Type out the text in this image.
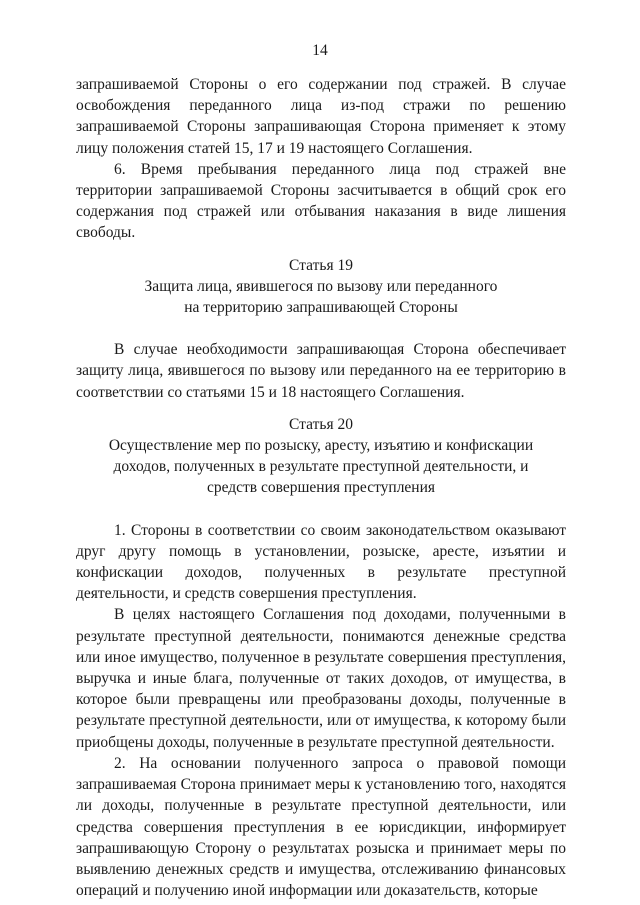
14

запрашиваемой Стороны о его содержании под стражей. В случае освобождения переданного лица из-под стражи по решению запрашиваемой Стороны запрашивающая Сторона применяет к этому лицу положения статей 15, 17 и 19 настоящего Соглашения.

6. Время пребывания переданного лица под стражей вне территории запрашиваемой Стороны засчитывается в общий срок его содержания под стражей или отбывания наказания в виде лишения свободы.

Статья 19

Защита лица, явившегося по вызову или переданного на территорию запрашивающей Стороны

В случае необходимости запрашивающая Сторона обеспечивает защиту лица, явившегося по вызову или переданного на ее территорию в соответствии со статьями 15 и 18 настоящего Соглашения.

Статья 20

Осуществление мер по розыску, аресту, изъятию и конфискации доходов, полученных в результате преступной деятельности, и средств совершения преступления

1. Стороны в соответствии со своим законодательством оказывают друг другу помощь в установлении, розыске, аресте, изъятии и конфискации доходов, полученных в результате преступной деятельности, и средств совершения преступления.

В целях настоящего Соглашения под доходами, полученными в результате преступной деятельности, понимаются денежные средства или иное имущество, полученное в результате совершения преступления, выручка и иные блага, полученные от таких доходов, от имущества, в которое были превращены или преобразованы доходы, полученные в результате преступной деятельности, или от имущества, к которому были приобщены доходы, полученные в результате преступной деятельности.

2. На основании полученного запроса о правовой помощи запрашиваемая Сторона принимает меры к установлению того, находятся ли доходы, полученные в результате преступной деятельности, или средства совершения преступления в ее юрисдикции, информирует запрашивающую Сторону о результатах розыска и принимает меры по выявлению денежных средств и имущества, отслеживанию финансовых операций и получению иной информации или доказательств, которые
